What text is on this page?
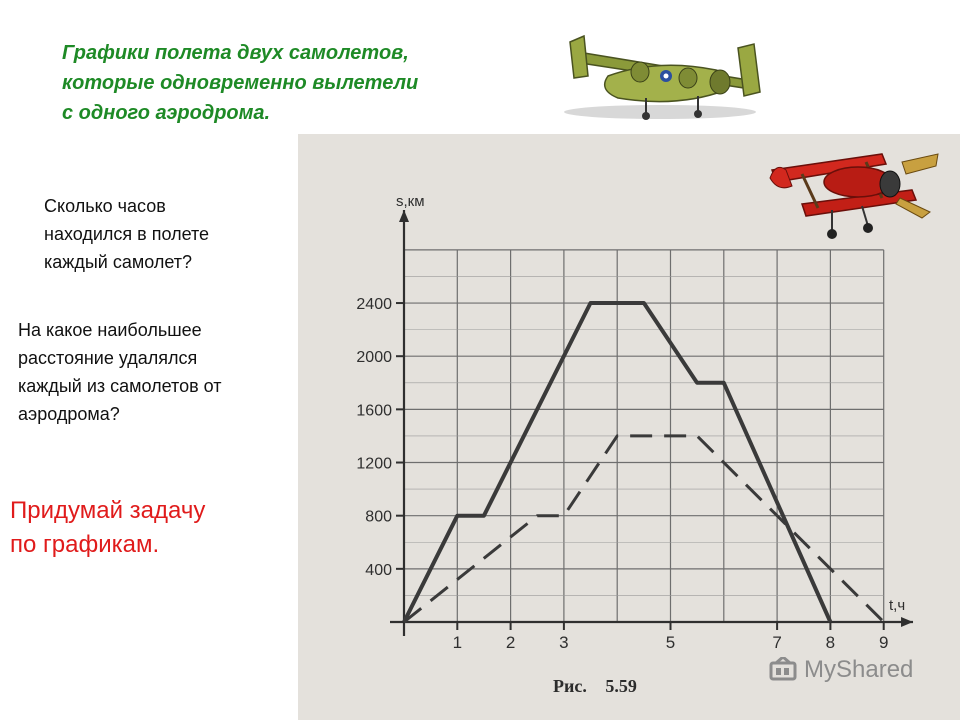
Графики полета двух самолетов,
которые одновременно вылетели
с одного аэродрома.
Сколько часов
находился в полете
каждый самолет?
На какое наибольшее
расстояние удалялся
каждый из самолетов от
аэродрома?
Придумай задачу
по графикам.
400
800
1200
1600
2000
2400
1	2	3	5	7	8	9
s,км
t,ч
Рис. 5.59
MyShared
